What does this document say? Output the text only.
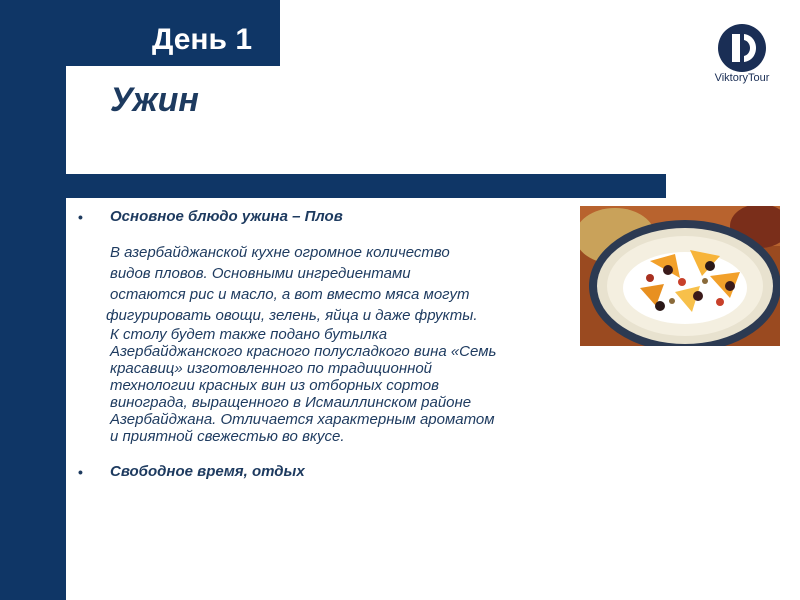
День 1
Ужин
ViktoryTour
• Основное блюдо ужина – Плов
В азербайджанской кухне огромное количество
видов пловов. Основными ингредиентами
остаются рис и масло, а вот вместо мяса могут
фигурировать овощи, зелень, яйца и даже фрукты.
К столу будет также подано бутылка
Азербайджанского красного полусладкого вина «Семь
красавиц» изготовленного по традиционной
технологии красных вин из отборных сортов
винограда, выращенного в Исмаиллинском районе
Азербайджана. Отличается характерным ароматом
и приятной свежестью во вкусе.
• Свободное время, отдых
